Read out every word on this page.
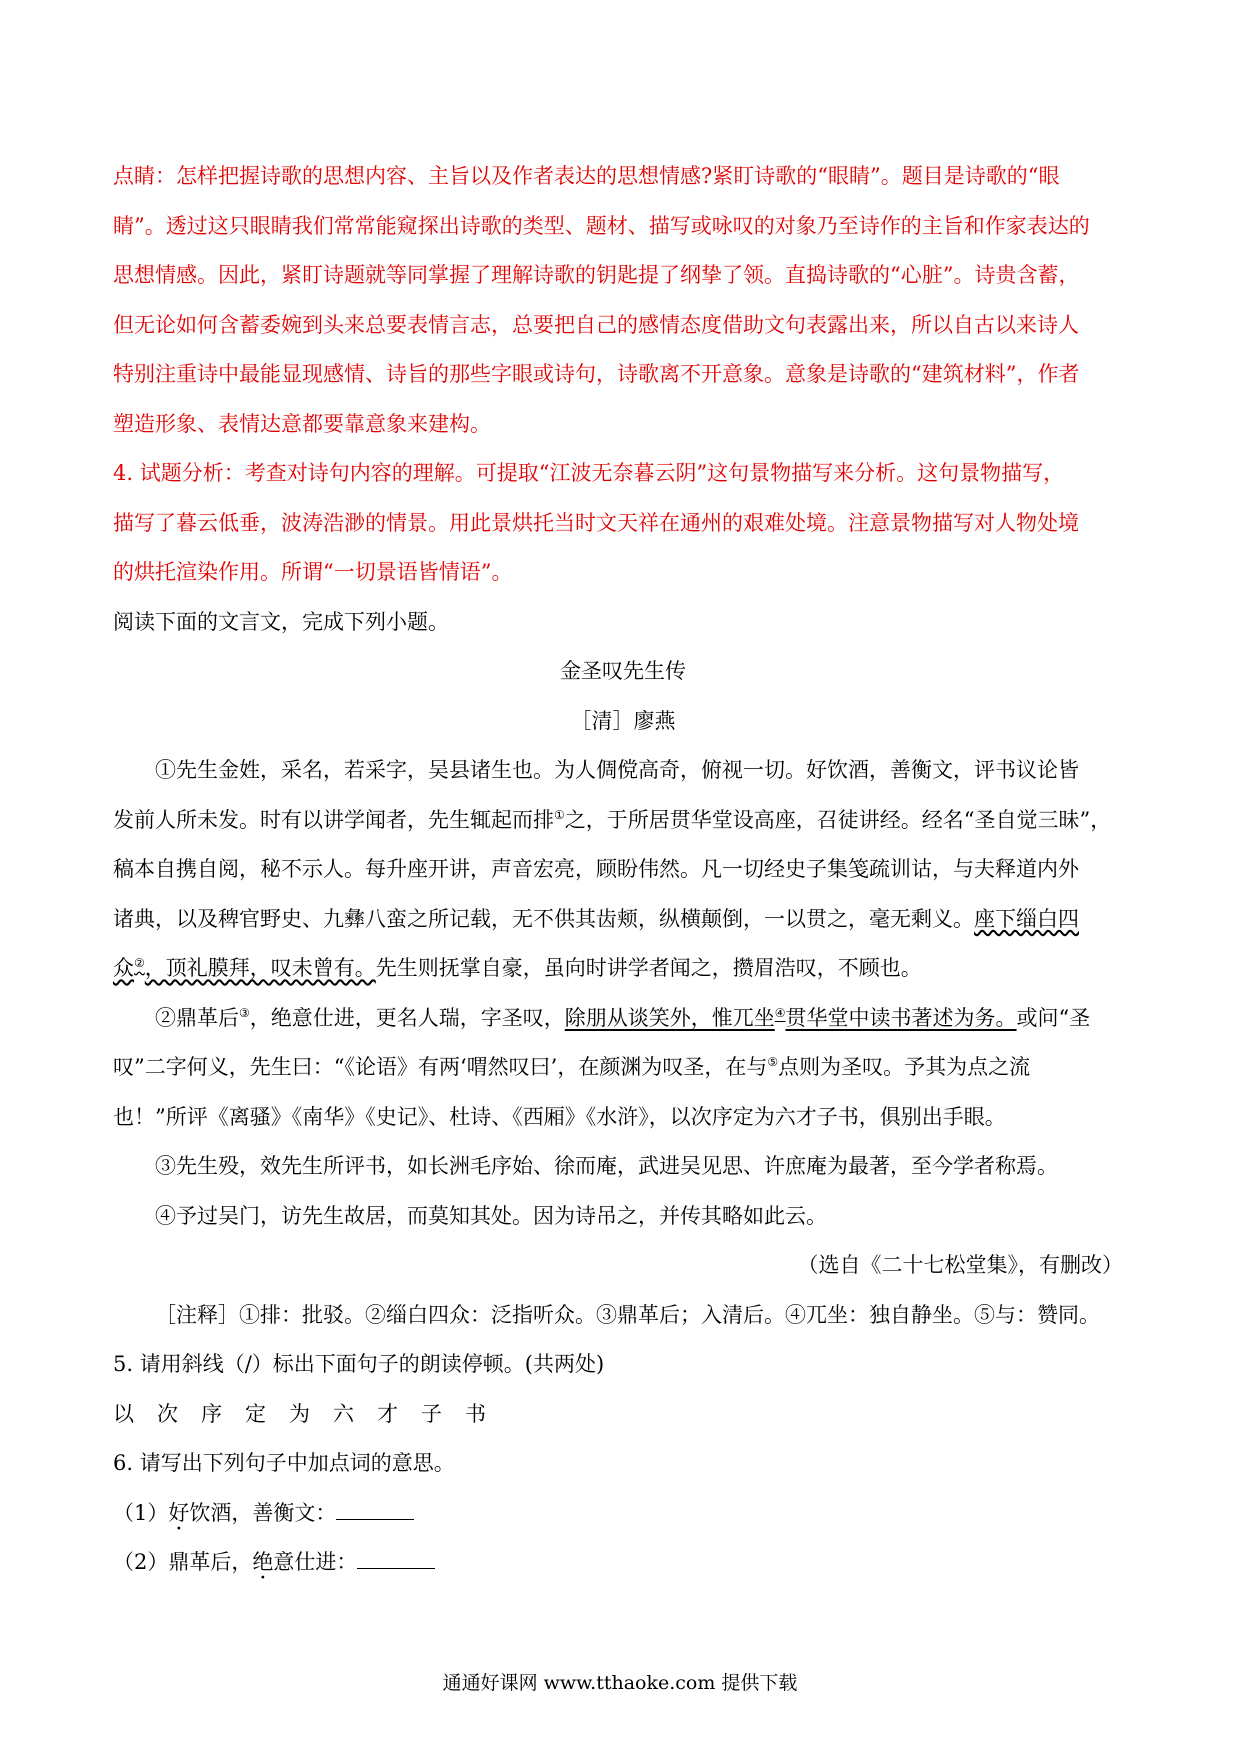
点睛：怎样把握诗歌的思想内容、主旨以及作者表达的思想情感?紧盯诗歌的“眼睛”。题目是诗歌的“眼

睛”。透过这只眼睛我们常常能窥探出诗歌的类型、题材、描写或咏叹的对象乃至诗作的主旨和作家表达的

思想情感。因此，紧盯诗题就等同掌握了理解诗歌的钥匙提了纲挚了领。直捣诗歌的“心脏”。诗贵含蓄，

但无论如何含蓄委婉到头来总要表情言志，总要把自己的感情态度借助文句表露出来，所以自古以来诗人

特别注重诗中最能显现感情、诗旨的那些字眼或诗句，诗歌离不开意象。意象是诗歌的“建筑材料”，作者

塑造形象、表情达意都要靠意象来建构。

4. 试题分析：考查对诗句内容的理解。可提取“江波无奈暮云阴”这句景物描写来分析。这句景物描写，

描写了暮云低垂，波涛浩渺的情景。用此景烘托当时文天祥在通州的艰难处境。注意景物描写对人物处境

的烘托渲染作用。所谓“一切景语皆情语”。

阅读下面的文言文，完成下列小题。

金圣叹先生传

［清］廖燕

①先生金姓，采名，若采字，吴县诸生也。为人倜傥高奇，俯视一切。好饮酒，善衡文，评书议论皆

发前人所未发。时有以讲学闻者，先生辄起而排①之，于所居贯华堂设高座，召徒讲经。经名“圣自觉三昧”，

稿本自携自阅，秘不示人。每升座开讲，声音宏亮，顾盼伟然。凡一切经史子集笺疏训诂，与夫释道内外

诸典，以及稗官野史、九彝八蛮之所记载，无不供其齿颊，纵横颠倒，一以贯之，毫无剩义。座下缁白四

众②，顶礼膜拜，叹未曾有。先生则抚掌自豪，虽向时讲学者闻之，攒眉浩叹，不顾也。

②鼎革后③，绝意仕进，更名人瑞，字圣叹，除朋从谈笑外，惟兀坐④贯华堂中读书著述为务。或问“圣

叹”二字何义，先生曰：“《论语》有两‘喟然叹曰’，在颜渊为叹圣，在与⑤点则为圣叹。予其为点之流

也！”所评《离骚》《南华》《史记》、杜诗、《西厢》《水浒》，以次序定为六才子书，俱别出手眼。

③先生殁，效先生所评书，如长洲毛序始、徐而庵，武进吴见思、许庶庵为最著，至今学者称焉。

④予过吴门，访先生故居，而莫知其处。因为诗吊之，并传其略如此云。

（选自《二十七松堂集》，有删改）

［注释］①排：批驳。②缁白四众：泛指听众。③鼎革后；入清后。④兀坐：独自静坐。⑤与：赞同。

5. 请用斜线（/）标出下面句子的朗读停顿。(共两处)

以 次 序 定 为 六 才 子 书

6. 请写出下列句子中加点词的意思。

（1）好饮酒，善衡文：

（2）鼎革后，绝意仕进：

通通好课网 www.tthaoke.com 提供下载
